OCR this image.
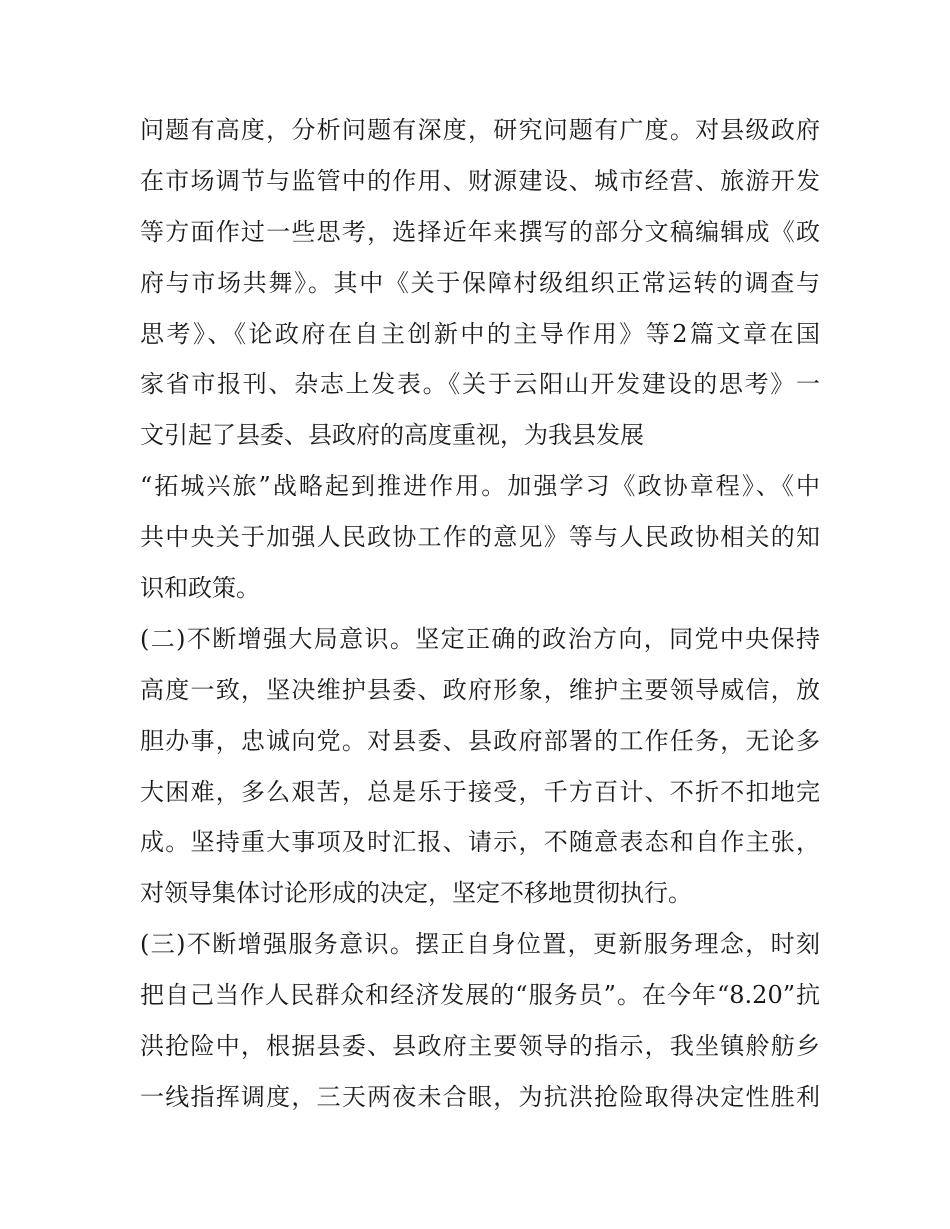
问题有高度，分析问题有深度，研究问题有广度。对县级政府
在市场调节与监管中的作用、财源建设、城市经营、旅游开发
等方面作过一些思考，选择近年来撰写的部分文稿编辑成《政
府与市场共舞》。其中《关于保障村级组织正常运转的调查与
思考》、《论政府在自主创新中的主导作用》等2篇文章在国
家省市报刊、杂志上发表。《关于云阳山开发建设的思考》一
文引起了县委、县政府的高度重视，为我县发展
“拓城兴旅”战略起到推进作用。加强学习《政协章程》、《中
共中央关于加强人民政协工作的意见》等与人民政协相关的知
识和政策。
(二)不断增强大局意识。坚定正确的政治方向，同党中央保持
高度一致，坚决维护县委、政府形象，维护主要领导威信，放
胆办事，忠诚向党。对县委、县政府部署的工作任务，无论多
大困难，多么艰苦，总是乐于接受，千方百计、不折不扣地完
成。坚持重大事项及时汇报、请示，不随意表态和自作主张，
对领导集体讨论形成的决定，坚定不移地贯彻执行。
(三)不断增强服务意识。摆正自身位置，更新服务理念，时刻
把自己当作人民群众和经济发展的“服务员”。在今年“8.20”抗
洪抢险中，根据县委、县政府主要领导的指示，我坐镇舲舫乡
一线指挥调度，三天两夜未合眼，为抗洪抢险取得决定性胜利
